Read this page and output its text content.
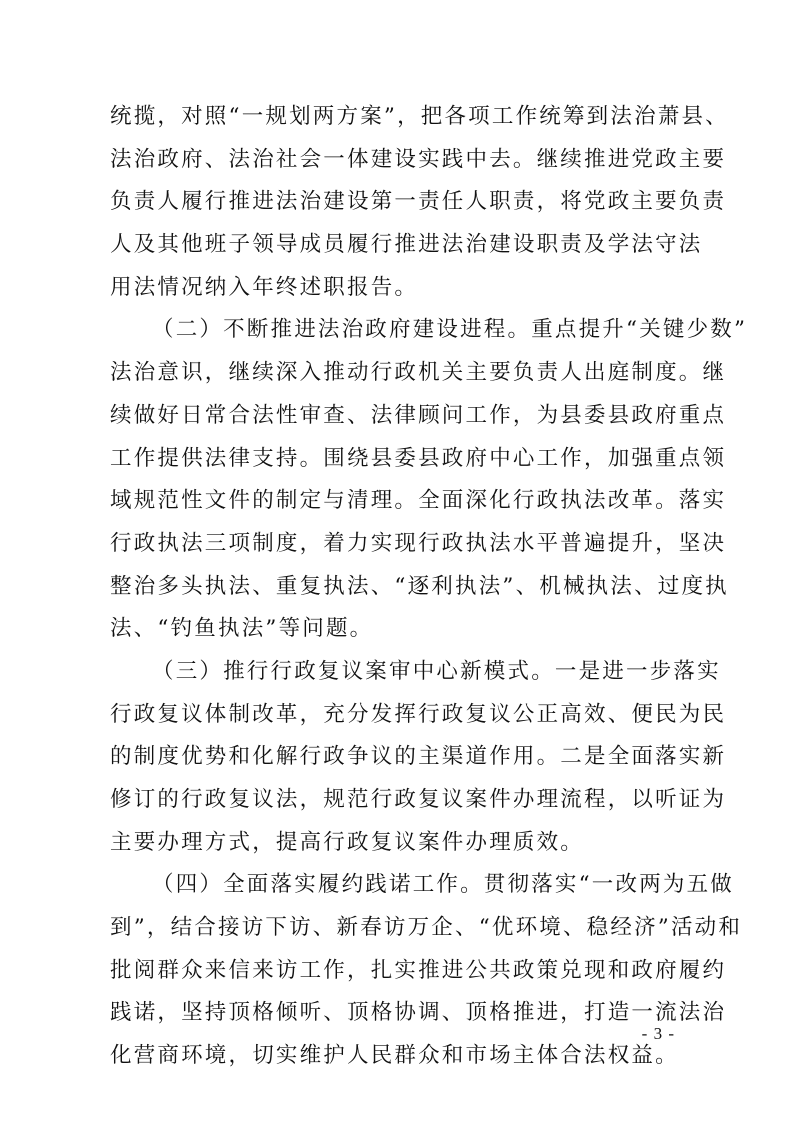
统揽，对照“一规划两方案”，把各项工作统筹到法治萧县、
法治政府、法治社会一体建设实践中去。继续推进党政主要
负责人履行推进法治建设第一责任人职责，将党政主要负责
人及其他班子领导成员履行推进法治建设职责及学法守法
用法情况纳入年终述职报告。
（二）不断推进法治政府建设进程。重点提升“关键少数”
法治意识，继续深入推动行政机关主要负责人出庭制度。继
续做好日常合法性审查、法律顾问工作，为县委县政府重点
工作提供法律支持。围绕县委县政府中心工作，加强重点领
域规范性文件的制定与清理。全面深化行政执法改革。落实
行政执法三项制度，着力实现行政执法水平普遍提升，坚决
整治多头执法、重复执法、“逐利执法”、机械执法、过度执
法、“钓鱼执法”等问题。
（三）推行行政复议案审中心新模式。一是进一步落实
行政复议体制改革，充分发挥行政复议公正高效、便民为民
的制度优势和化解行政争议的主渠道作用。二是全面落实新
修订的行政复议法，规范行政复议案件办理流程，以听证为
主要办理方式，提高行政复议案件办理质效。
（四）全面落实履约践诺工作。贯彻落实“一改两为五做
到”，结合接访下访、新春访万企、“优环境、稳经济”活动和
批阅群众来信来访工作，扎实推进公共政策兑现和政府履约
践诺，坚持顶格倾听、顶格协调、顶格推进，打造一流法治
化营商环境，切实维护人民群众和市场主体合法权益。
- 3 -
